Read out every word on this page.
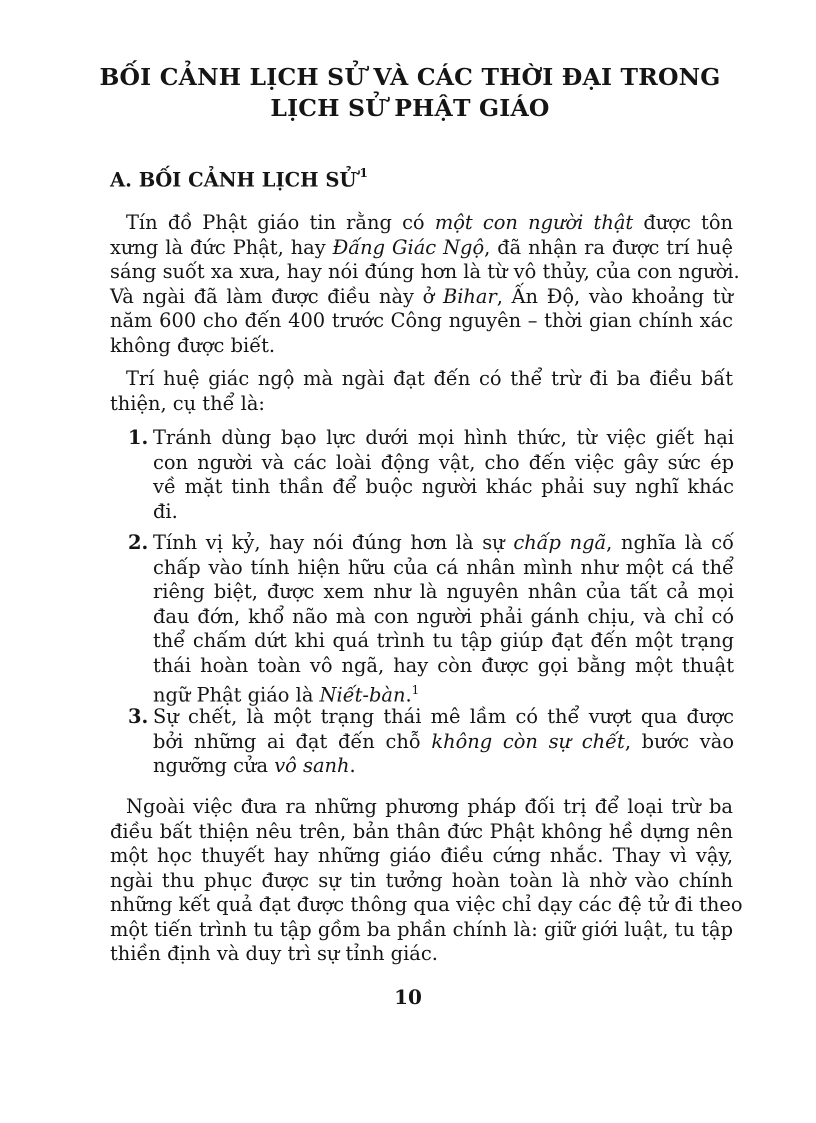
BỐI CẢNH LỊCH SỬ VÀ CÁC THỜI ĐẠI TRONG
LỊCH SỬ PHẬT GIÁO
A. BỐI CẢNH LỊCH SỬ $^1$
Tín đồ Phật giáo tin rằng có một con người thật được tôn
xưng là đức Phật, hay Đấng Giác Ngộ, đã nhận ra được trí huệ
sáng suốt xa xưa, hay nói đúng hơn là từ vô thủy, của con người.
Và ngài đã làm được điều này ở Bihar, Ấn Độ, vào khoảng từ
năm 600 cho đến 400 trước Công nguyên – thời gian chính xác
không được biết.
Trí huệ giác ngộ mà ngài đạt đến có thể trừ đi ba điều bất
thiện, cụ thể là:
1. Tránh dùng bạo lực dưới mọi hình thức, từ việc giết hại
con người và các loài động vật, cho đến việc gây sức ép
về mặt tinh thần để buộc người khác phải suy nghĩ khác
đi.
2. Tính vị kỷ, hay nói đúng hơn là sự chấp ngã, nghĩa là cố
chấp vào tính hiện hữu của cá nhân mình như một cá thể
riêng biệt, được xem như là nguyên nhân của tất cả mọi
đau đớn, khổ não mà con người phải gánh chịu, và chỉ có
thể chấm dứt khi quá trình tu tập giúp đạt đến một trạng
thái hoàn toàn vô ngã, hay còn được gọi bằng một thuật
ngữ Phật giáo là Niết-bàn.$^1$
3. Sự chết, là một trạng thái mê lầm có thể vượt qua được
bởi những ai đạt đến chỗ không còn sự chết, bước vào
ngưỡng cửa vô sanh.
Ngoài việc đưa ra những phương pháp đối trị để loại trừ ba
điều bất thiện nêu trên, bản thân đức Phật không hề dựng nên
một học thuyết hay những giáo điều cứng nhắc. Thay vì vậy,
ngài thu phục được sự tin tưởng hoàn toàn là nhờ vào chính
những kết quả đạt được thông qua việc chỉ dạy các đệ tử đi theo
một tiến trình tu tập gồm ba phần chính là: giữ giới luật, tu tập
thiền định và duy trì sự tỉnh giác.
10
